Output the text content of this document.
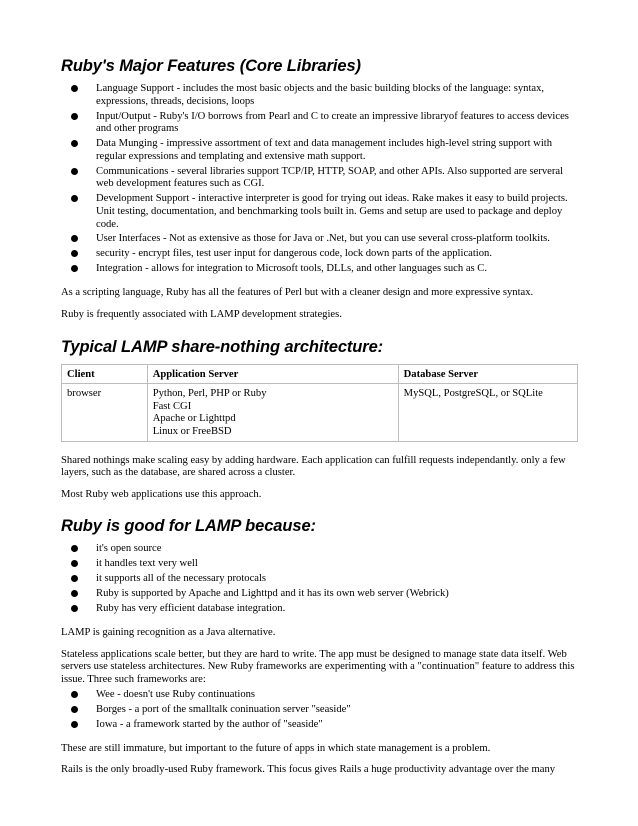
Ruby's Major Features (Core Libraries)
Language Support - includes the most basic objects and the basic building blocks of the language: syntax, expressions, threads, decisions, loops
Input/Output - Ruby's I/O borrows from Pearl and C to create an impressive libraryof features to access devices and other programs
Data Munging - impressive assortment of text and data management includes high-level string support with regular expressions and templating and extensive math support.
Communications - several libraries support TCP/IP, HTTP, SOAP, and other APIs. Also supported are serveral web development features such as CGI.
Development Support - interactive interpreter is good for trying out ideas. Rake makes it easy to build projects. Unit testing, documentation, and benchmarking tools built in. Gems and setup are used to package and deploy code.
User Interfaces - Not as extensive as those for Java or .Net, but you can use several cross-platform toolkits.
security - encrypt files, test user input for dangerous code, lock down parts of the application.
Integration - allows for integration to Microsoft tools, DLLs, and other languages such as C.

As a scripting language, Ruby has all the features of Perl but with a cleaner design and more expressive syntax.

Ruby is frequently associated with LAMP development strategies.

Typical LAMP share-nothing architecture:
Client	Application Server	Database Server
browser	Python, Perl, PHP or Ruby
Fast CGI
Apache or Lighttpd
Linux or FreeBSD	MySQL, PostgreSQL, or SQLite

Shared nothings make scaling easy by adding hardware. Each application can fulfill requests independantly. only a few layers, such as the database, are shared across a cluster.

Most Ruby web applications use this approach.

Ruby is good for LAMP because:
it's open source
it handles text very well
it supports all of the necessary protocals
Ruby is supported by Apache and Lighttpd and it has its own web server (Webrick)
Ruby has very efficient database integration.

LAMP is gaining recognition as a Java alternative.

Stateless applications scale better, but they are hard to write. The app must be designed to manage state data itself. Web servers use stateless architectures. New Ruby frameworks are experimenting with a "continuation" feature to address this issue. Three such frameworks are:

Wee - doesn't use Ruby continuations
Borges - a port of the smalltalk coninuation server "seaside"
Iowa - a framework started by the author of "seaside"

These are still immature, but important to the future of apps in which state management is a problem.

Rails is the only broadly-used Ruby framework. This focus gives Rails a huge productivity advantage over the many
